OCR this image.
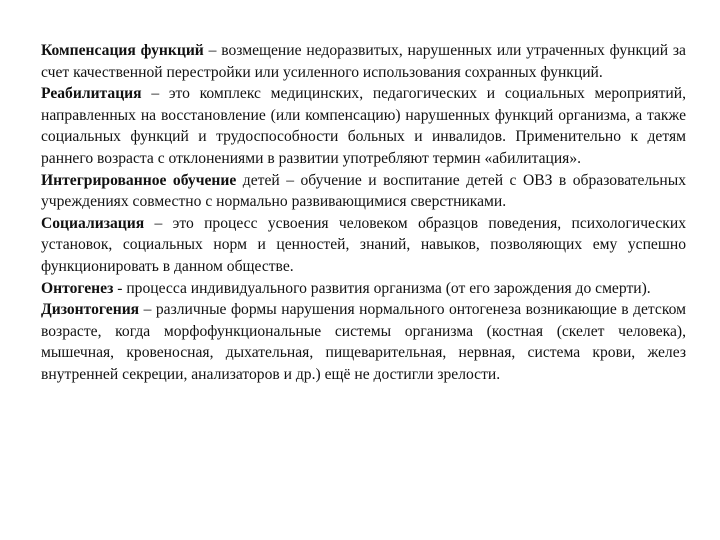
Компенсация функций – возмещение недоразвитых, нарушенных или утраченных функций за счет качественной перестройки или усиленного использования сохранных функций.

Реабилитация – это комплекс медицинских, педагогических и социальных мероприятий, направленных на восстановление (или компенсацию) нарушенных функций организма, а также социальных функций и трудоспособности больных и инвалидов. Применительно к детям раннего возраста с отклонениями в развитии употребляют термин «абилитация».

Интегрированное обучение детей – обучение и воспитание детей с ОВЗ в образовательных учреждениях совместно с нормально развивающимися сверстниками.

Социализация – это процесс усвоения человеком образцов поведения, психологических установок, социальных норм и ценностей, знаний, навыков, позволяющих ему успешно функционировать в данном обществе.

Онтогенез - процесса индивидуального развития организма (от его зарождения до смерти).

Дизонтогения – различные формы нарушения нормального онтогенеза возникающие в детском возрасте, когда морфофункциональные системы организма (костная (скелет человека), мышечная, кровеносная, дыхательная, пищеварительная, нервная, система крови, желез внутренней секреции, анализаторов и др.) ещё не достигли зрелости.
